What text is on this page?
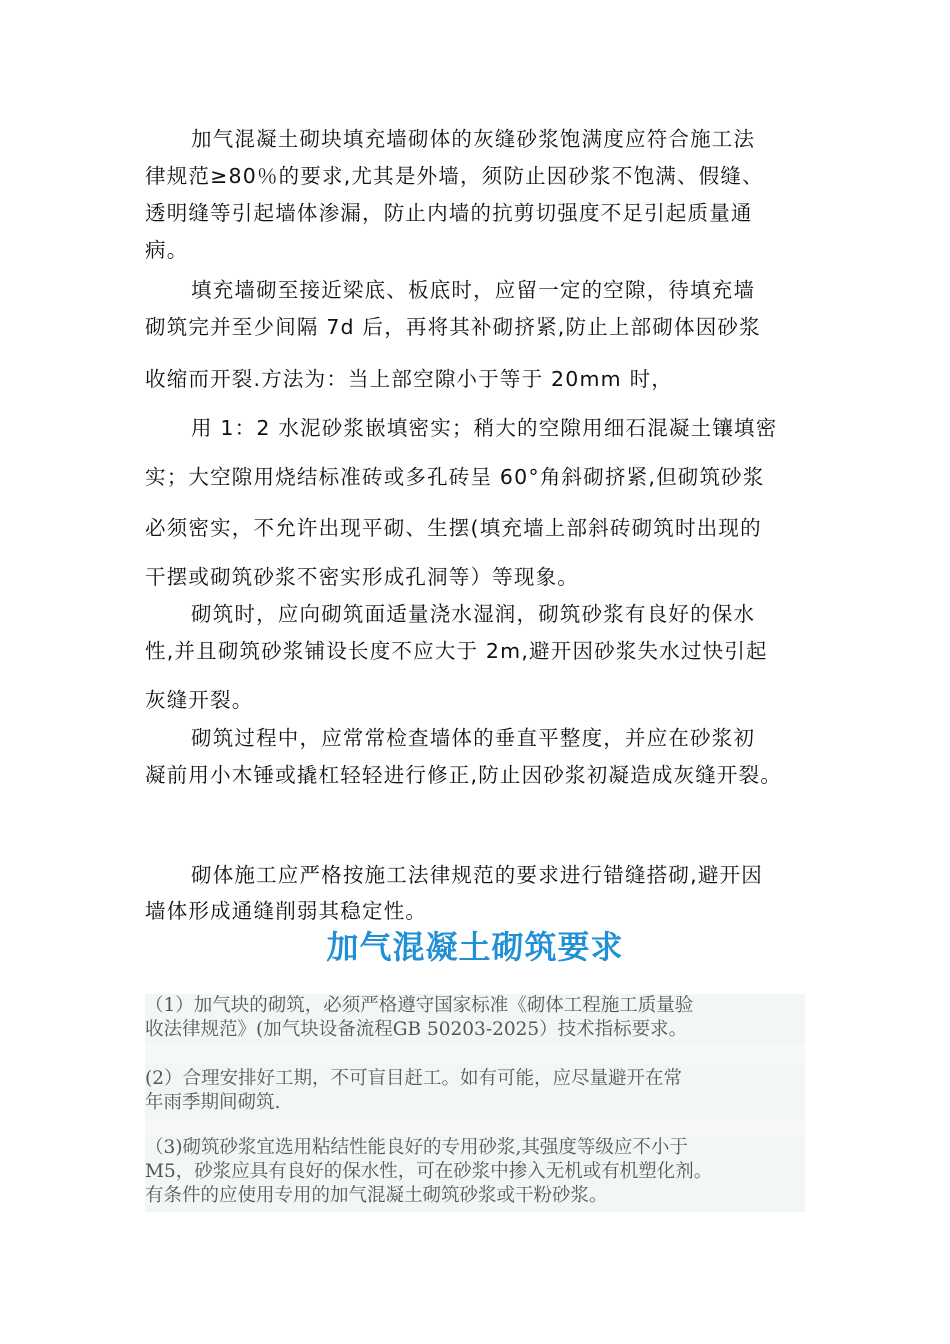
加气混凝土砌块填充墙砌体的灰缝砂浆饱满度应符合施工法
律规范≥80％的要求,尤其是外墙，须防止因砂浆不饱满、假缝、
透明缝等引起墙体渗漏，防止内墙的抗剪切强度不足引起质量通
病。
填充墙砌至接近梁底、板底时，应留一定的空隙，待填充墙
砌筑完并至少间隔 7d 后，再将其补砌挤紧,防止上部砌体因砂浆
收缩而开裂.方法为：当上部空隙小于等于 20mm 时，
用 1：2 水泥砂浆嵌填密实；稍大的空隙用细石混凝土镶填密
实；大空隙用烧结标准砖或多孔砖呈 60°角斜砌挤紧,但砌筑砂浆
必须密实，不允许出现平砌、生摆(填充墙上部斜砖砌筑时出现的
干摆或砌筑砂浆不密实形成孔洞等）等现象。
砌筑时，应向砌筑面适量浇水湿润，砌筑砂浆有良好的保水
性,并且砌筑砂浆铺设长度不应大于 2m,避开因砂浆失水过快引起
灰缝开裂。
砌筑过程中，应常常检查墙体的垂直平整度，并应在砂浆初
凝前用小木锤或撬杠轻轻进行修正,防止因砂浆初凝造成灰缝开裂。
砌体施工应严格按施工法律规范的要求进行错缝搭砌,避开因
墙体形成通缝削弱其稳定性。
加气混凝土砌筑要求
（1）加气块的砌筑，必须严格遵守国家标准《砌体工程施工质量验
收法律规范》(加气块设备流程GB 50203-2025）技术指标要求。
(2）合理安排好工期，不可盲目赶工。如有可能，应尽量避开在常
年雨季期间砌筑.
（3)砌筑砂浆宜选用粘结性能良好的专用砂浆,其强度等级应不小于
M5，砂浆应具有良好的保水性，可在砂浆中掺入无机或有机塑化剂。
有条件的应使用专用的加气混凝土砌筑砂浆或干粉砂浆。
